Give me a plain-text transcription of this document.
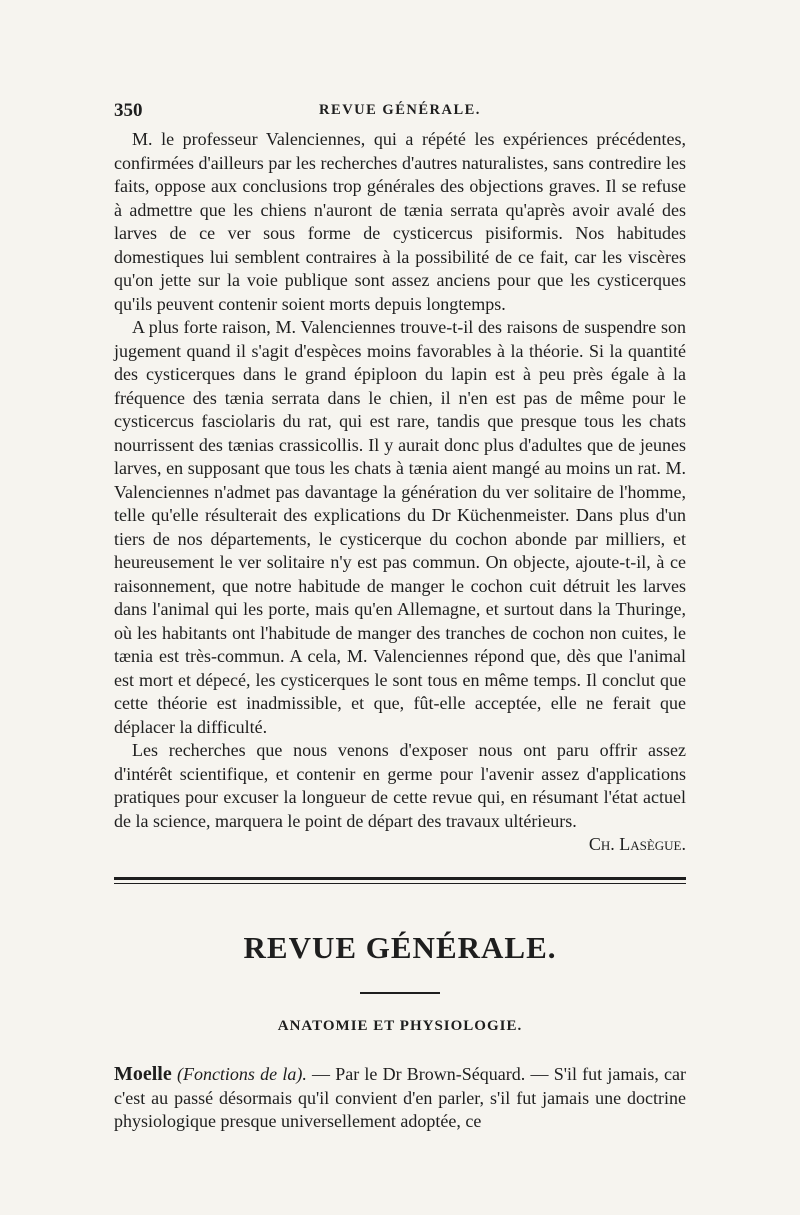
350	REVUE GÉNÉRALE.

M. le professeur Valenciennes, qui a répété les expériences précédentes, confirmées d'ailleurs par les recherches d'autres naturalistes, sans contredire les faits, oppose aux conclusions trop générales des objections graves. Il se refuse à admettre que les chiens n'auront de tænia serrata qu'après avoir avalé des larves de ce ver sous forme de cysticercus pisiformis. Nos habitudes domestiques lui semblent contraires à la possibilité de ce fait, car les viscères qu'on jette sur la voie publique sont assez anciens pour que les cysticerques qu'ils peuvent contenir soient morts depuis longtemps.

A plus forte raison, M. Valenciennes trouve-t-il des raisons de suspendre son jugement quand il s'agit d'espèces moins favorables à la théorie. Si la quantité des cysticerques dans le grand épiploon du lapin est à peu près égale à la fréquence des tænia serrata dans le chien, il n'en est pas de même pour le cysticercus fasciolaris du rat, qui est rare, tandis que presque tous les chats nourrissent des tænias crassicollis. Il y aurait donc plus d'adultes que de jeunes larves, en supposant que tous les chats à tænia aient mangé au moins un rat. M. Valenciennes n'admet pas davantage la génération du ver solitaire de l'homme, telle qu'elle résulterait des explications du Dr Küchenmeister. Dans plus d'un tiers de nos départements, le cysticerque du cochon abonde par milliers, et heureusement le ver solitaire n'y est pas commun. On objecte, ajoute-t-il, à ce raisonnement, que notre habitude de manger le cochon cuit détruit les larves dans l'animal qui les porte, mais qu'en Allemagne, et surtout dans la Thuringe, où les habitants ont l'habitude de manger des tranches de cochon non cuites, le tænia est très-commun. A cela, M. Valenciennes répond que, dès que l'animal est mort et dépecé, les cysticerques le sont tous en même temps. Il conclut que cette théorie est inadmissible, et que, fût-elle acceptée, elle ne ferait que déplacer la difficulté.

Les recherches que nous venons d'exposer nous ont paru offrir assez d'intérêt scientifique, et contenir en germe pour l'avenir assez d'applications pratiques pour excuser la longueur de cette revue qui, en résumant l'état actuel de la science, marquera le point de départ des travaux ultérieurs.

Ch. Lasègue.

REVUE GÉNÉRALE.
ANATOMIE ET PHYSIOLOGIE.

Moelle (Fonctions de la). — Par le Dr Brown-Séquard. — S'il fut jamais, car c'est au passé désormais qu'il convient d'en parler, s'il fut jamais une doctrine physiologique presque universellement adoptée, ce
